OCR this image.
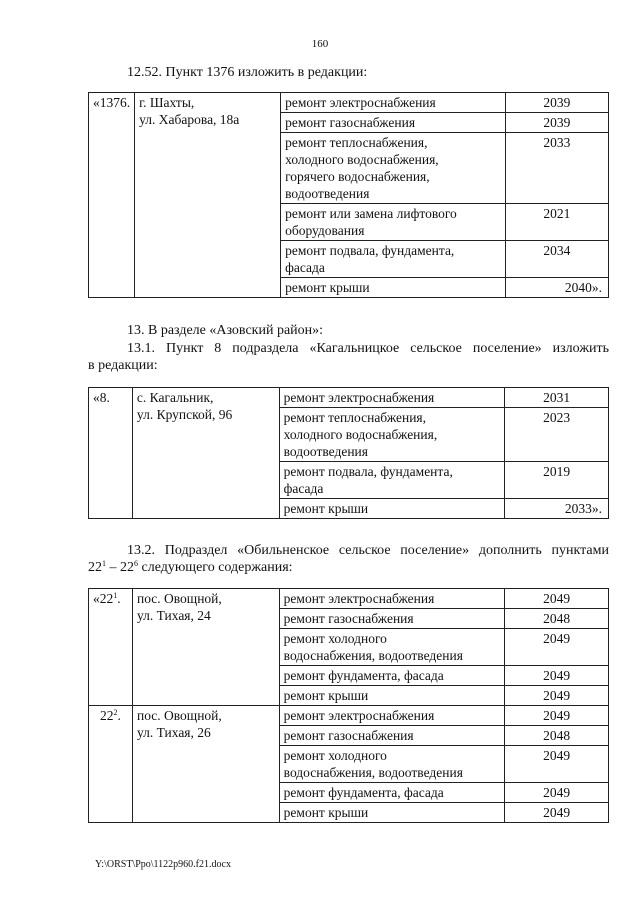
160
12.52. Пункт 1376 изложить в редакции:
«1376.	г. Шахты,
ул. Хабарова, 18а	ремонт электроснабжения	2039
		ремонт газоснабжения	2039

		ремонт теплоснабжения,
холодного водоснабжения,
горячего водоснабжения,
водоотведения	2033

		ремонт или замена лифтового
оборудования	2021

		ремонт подвала, фундамента,
фасада	2034
		ремонт крыши	2040».
13. В разделе «Азовский район»:
13.1. Пункт 8 подраздела «Кагальницкое сельское поселение» изложить
в редакции:
«8.	с. Кагальник,
ул. Крупской, 96	ремонт электроснабжения	2031

		ремонт теплоснабжения,
холодного водоснабжения,
водоотведения	2023

		ремонт подвала, фундамента,
фасада	2019
		ремонт крыши	2033».
13.2. Подраздел «Обильненское сельское поселение» дополнить пунктами
$22^1 - 22^6$ следующего содержания:
«$22^1$.	пос. Овощной,
ул. Тихая, 24	ремонт электроснабжения	2049
		ремонт газоснабжения	2048

		ремонт холодного
водоснабжения, водоотведения	2049
		ремонт фундамента, фасада	2049
		ремонт крыши	2049
$22^2$.	пос. Овощной,
ул. Тихая, 26	ремонт электроснабжения	2049
		ремонт газоснабжения	2048

		ремонт холодного
водоснабжения, водоотведения	2049
		ремонт фундамента, фасада	2049
		ремонт крыши	2049
Y:\ORST\Ppo\1122p960.f21.docx
